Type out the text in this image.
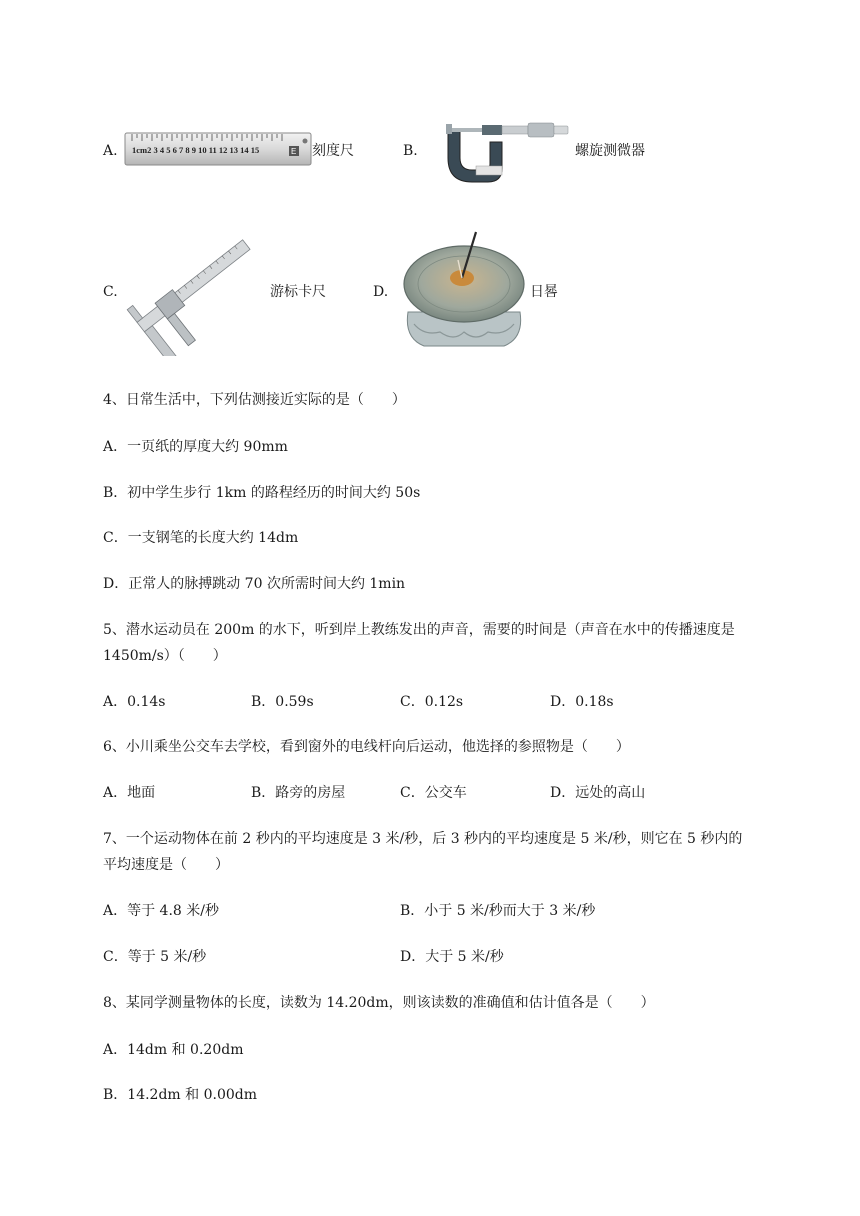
A. 1cm2 3 4 5 6 7 8 9 10 11 12 13 14 15	E 刻度尺	B.	螺旋测微器
C.	游标卡尺	D.	日晷
4、日常生活中，下列估测接近实际的是（　　）
A．一页纸的厚度大约 90mm
B．初中学生步行 1km 的路程经历的时间大约 50s
C．一支钢笔的长度大约 14dm
D．正常人的脉搏跳动 70 次所需时间大约 1min
5、潜水运动员在 200m 的水下，听到岸上教练发出的声音，需要的时间是（声音在水中的传播速度是
1450m/s）（　　）
A．0.14s	B．0.59s	C．0.12s	D．0.18s
6、小川乘坐公交车去学校，看到窗外的电线杆向后运动，他选择的参照物是（　　）
A．地面	B．路旁的房屋	C．公交车	D．远处的高山
7、一个运动物体在前 2 秒内的平均速度是 3 米/秒，后 3 秒内的平均速度是 5 米/秒，则它在 5 秒内的
平均速度是（　　）
A．等于 4.8 米/秒	B．小于 5 米/秒而大于 3 米/秒
C．等于 5 米/秒	D．大于 5 米/秒
8、某同学测量物体的长度，读数为 14.20dm，则该读数的准确值和估计值各是（　　）
A．14dm 和 0.20dm
B．14.2dm 和 0.00dm
